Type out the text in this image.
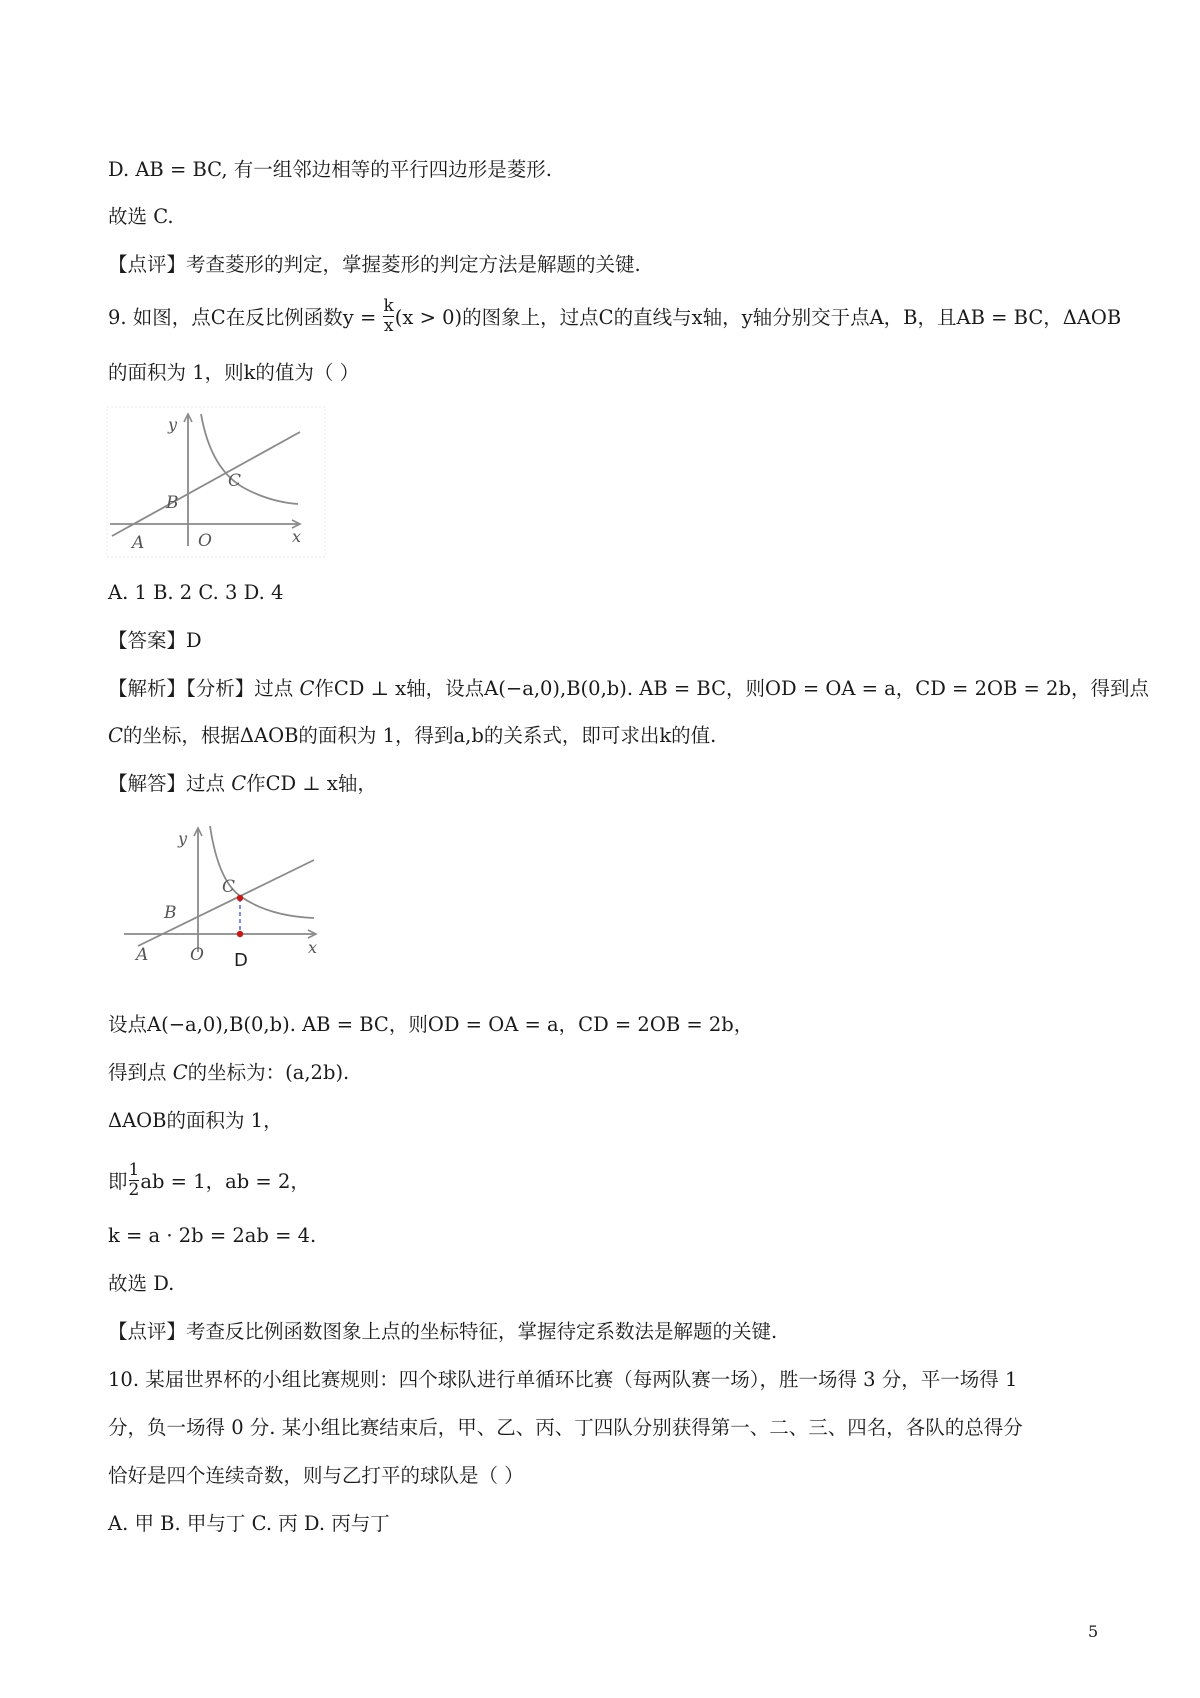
D. AB = BC, 有一组邻边相等的平行四边形是菱形.
故选 C.
【点评】考查菱形的判定，掌握菱形的判定方法是解题的关键.
9. 如图，点C在反比例函数$y = \frac{k}{x} (x > 0)$的图象上，过点C的直线与x轴，y轴分别交于点A，B，且AB = BC，ΔAOB
的面积为 1，则k的值为（ ）
A
B
C
O	x
y
A. 1 B. 2 C. 3 D. 4
【答案】D
【解析】【分析】过点 C作CD ⊥ x轴，设点A(−a,0),B(0,b). AB = BC，则OD = OA = a，CD = 2OB = 2b，得到点
C的坐标，根据ΔAOB的面积为 1，得到a,b的关系式，即可求出k的值.
【解答】过点 C作CD ⊥ x轴，
A
B
C
O D
x
y
设点A(−a,0),B(0,b). AB = BC，则OD = OA = a，CD = 2OB = 2b，
得到点 C的坐标为：(a,2b).
ΔAOB的面积为 1，
即 $\frac{1}{2}$ ab = 1，ab = 2，
k = a · 2b = 2ab = 4.
故选 D.
【点评】考查反比例函数图象上点的坐标特征，掌握待定系数法是解题的关键.
10. 某届世界杯的小组比赛规则：四个球队进行单循环比赛（每两队赛一场），胜一场得 3 分，平一场得 1
分，负一场得 0 分. 某小组比赛结束后，甲、乙、丙、丁四队分别获得第一、二、三、四名，各队的总得分
恰好是四个连续奇数，则与乙打平的球队是（ ）
A. 甲 B. 甲与丁 C. 丙 D. 丙与丁
5
